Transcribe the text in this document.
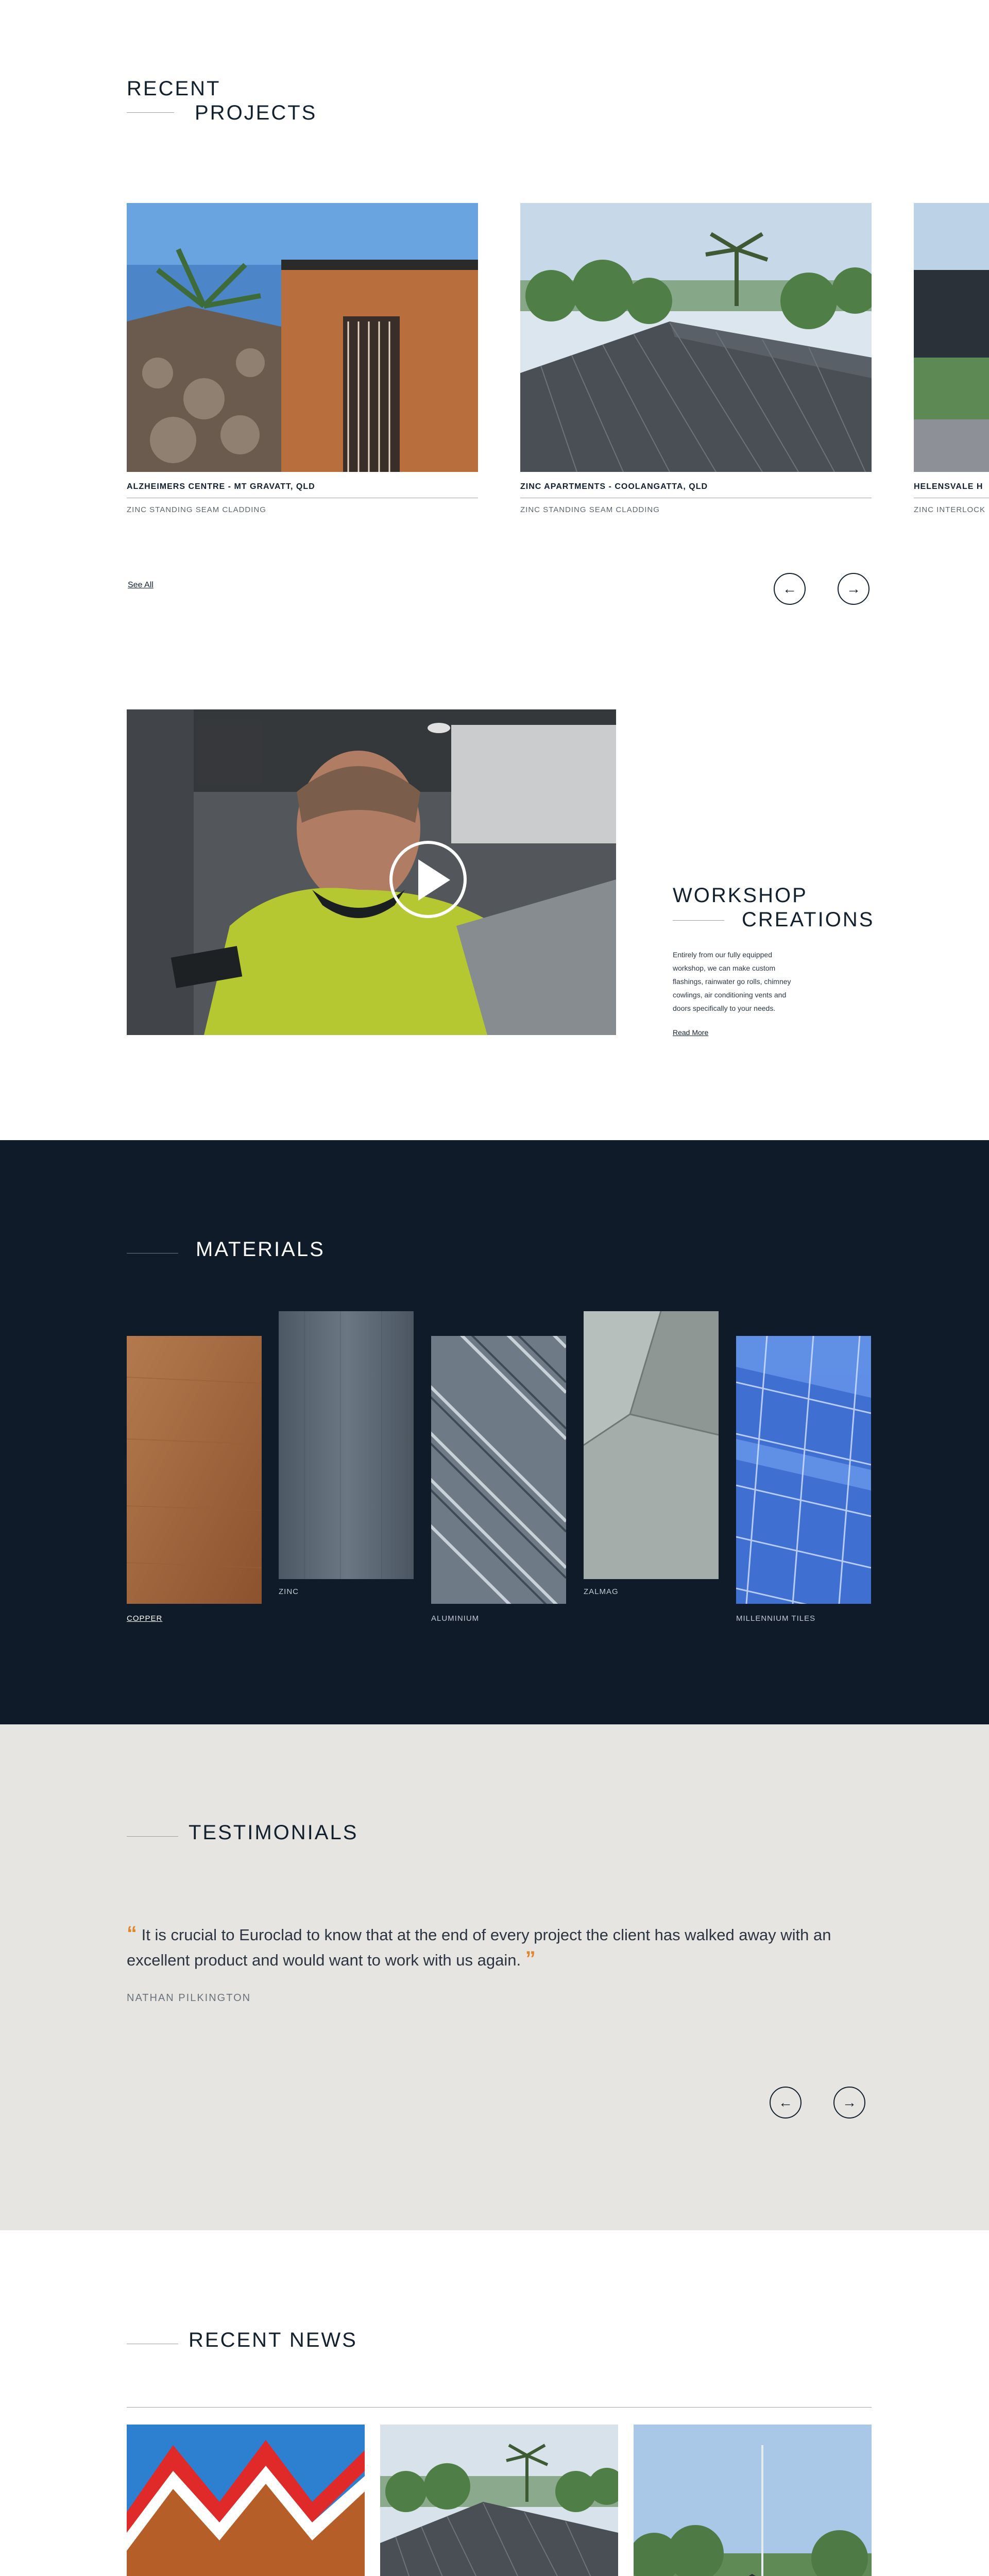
RECENT
PROJECTS
ALZHEIMERS CENTRE - MT GRAVATT, QLD
ZINC STANDING SEAM CLADDING
ZINC APARTMENTS - COOLANGATTA, QLD
ZINC STANDING SEAM CLADDING
HELENSVALE H
ZINC INTERLOCK
See All	←	→
WORKSHOP
CREATIONS

Entirely from our fully equipped workshop, we can make custom flashings, rainwater go rolls, chimney cowlings, air conditioning vents and doors specifically to your needs.

Read More
MATERIALS
COPPER
ZINC
ALUMINIUM
ZALMAG
MILLENNIUM TILES
TESTIMONIALS

“ It is crucial to Euroclad to know that at the end of every project the client has walked away with an excellent product and would want to work with us again. ”

NATHAN PILKINGTON
←	→
RECENT NEWS
